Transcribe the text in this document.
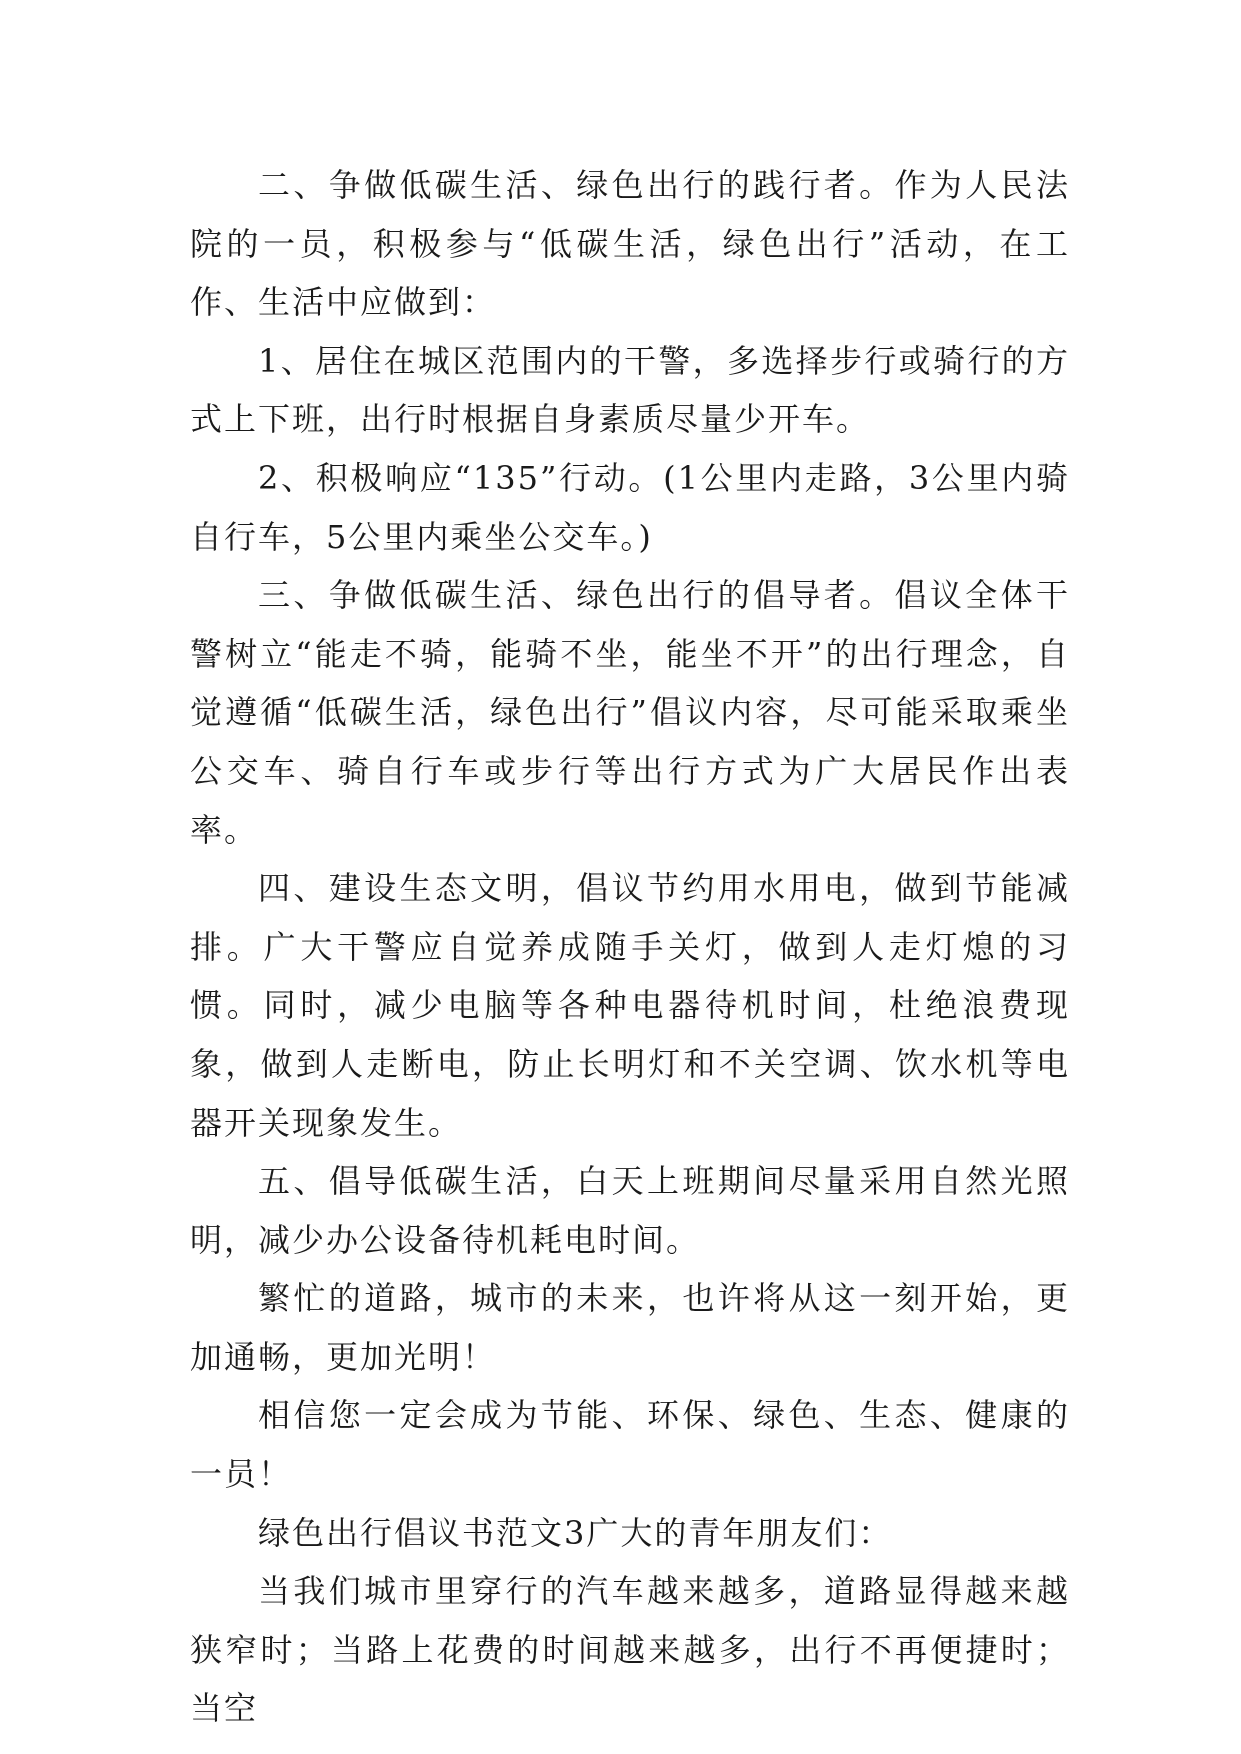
二、争做低碳生活、绿色出行的践行者。作为人民法院的一员，积极参与“低碳生活，绿色出行”活动，在工作、生活中应做到：

1、居住在城区范围内的干警，多选择步行或骑行的方式上下班，出行时根据自身素质尽量少开车。

2、积极响应“135”行动。(1公里内走路，3公里内骑自行车，5公里内乘坐公交车。)

三、争做低碳生活、绿色出行的倡导者。倡议全体干警树立“能走不骑，能骑不坐，能坐不开”的出行理念，自觉遵循“低碳生活，绿色出行”倡议内容，尽可能采取乘坐公交车、骑自行车或步行等出行方式为广大居民作出表率。

四、建设生态文明，倡议节约用水用电，做到节能减排。广大干警应自觉养成随手关灯，做到人走灯熄的习惯。同时，减少电脑等各种电器待机时间，杜绝浪费现象，做到人走断电，防止长明灯和不关空调、饮水机等电器开关现象发生。

五、倡导低碳生活，白天上班期间尽量采用自然光照明，减少办公设备待机耗电时间。

繁忙的道路，城市的未来，也许将从这一刻开始，更加通畅，更加光明！

相信您一定会成为节能、环保、绿色、生态、健康的一员！

绿色出行倡议书范文3广大的青年朋友们：

当我们城市里穿行的汽车越来越多，道路显得越来越狭窄时；当路上花费的时间越来越多，出行不再便捷时；当空
